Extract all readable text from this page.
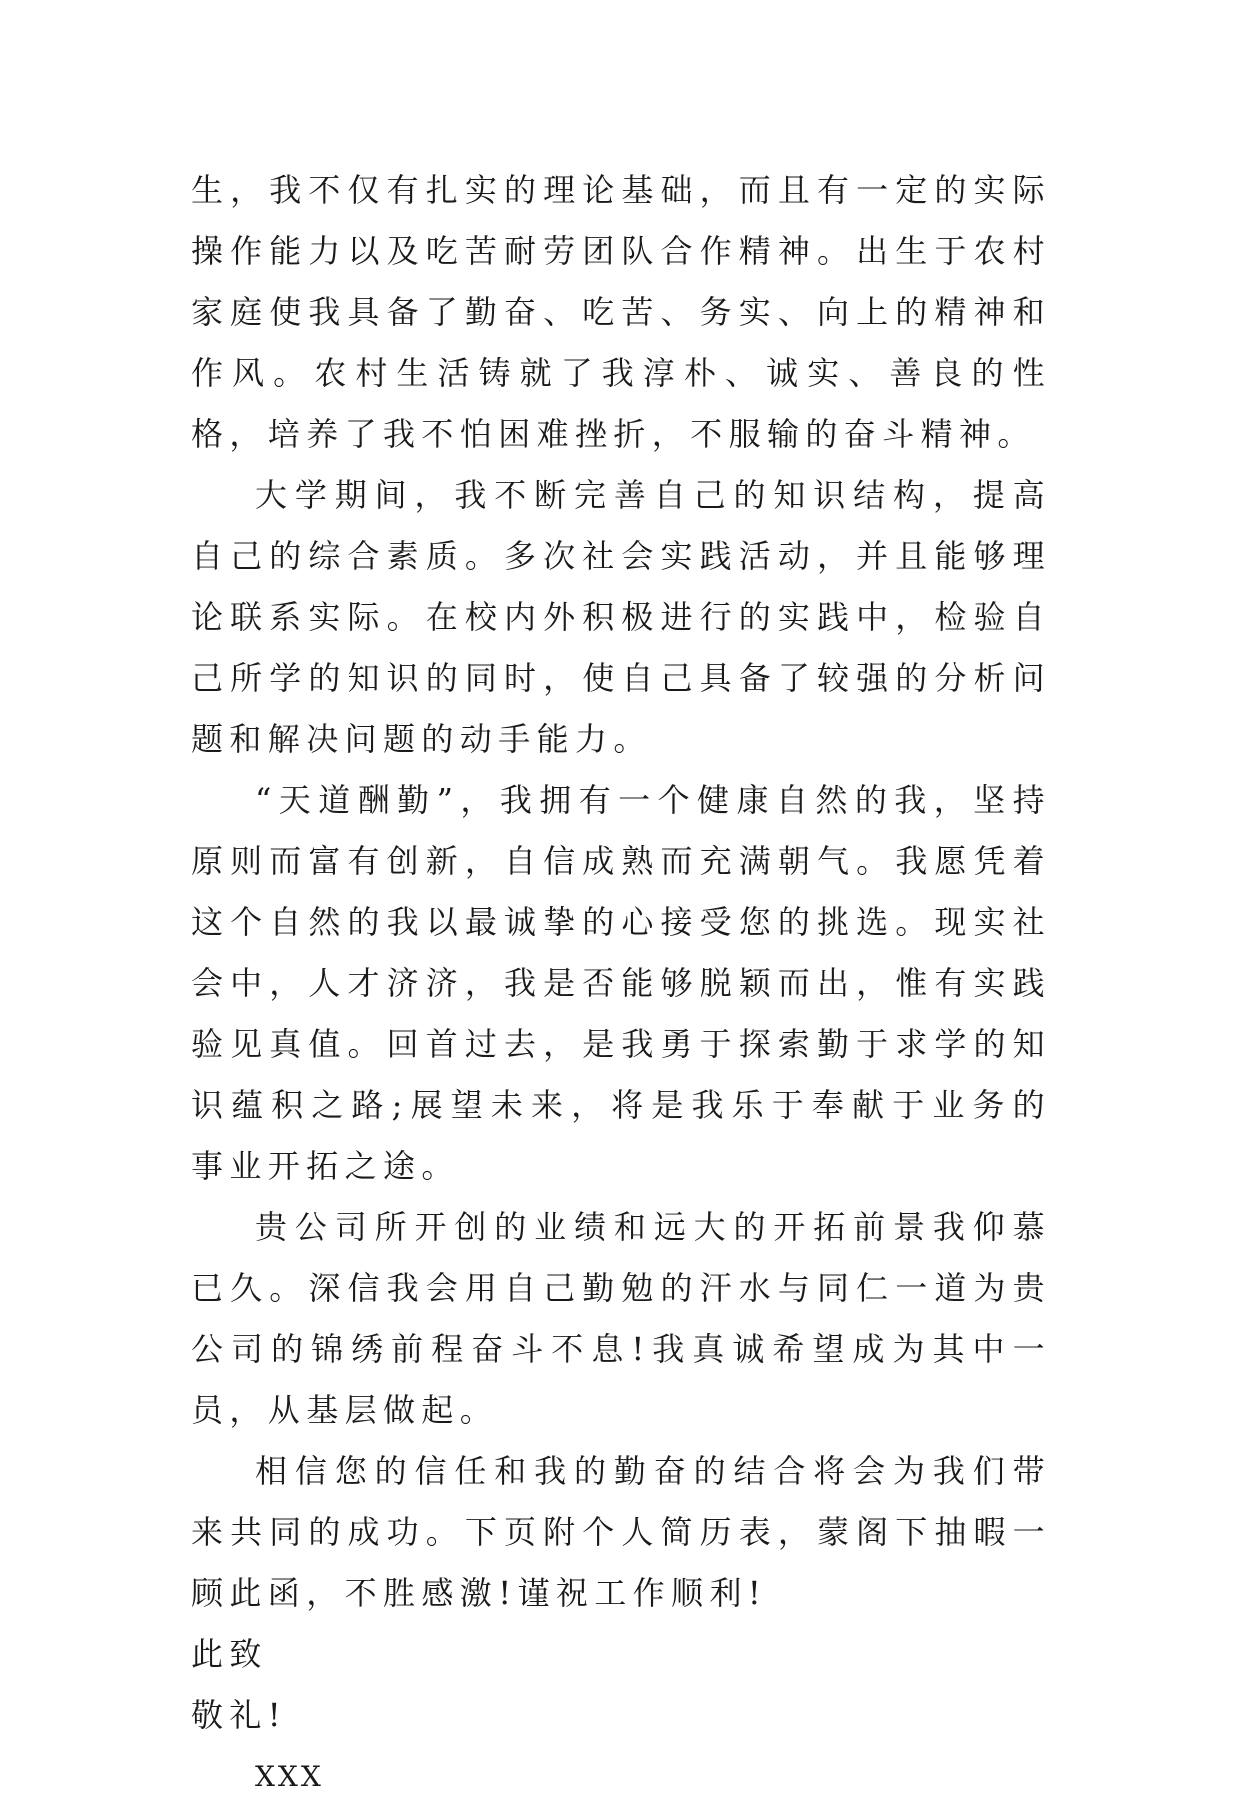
生，我不仅有扎实的理论基础，而且有一定的实际操作能力以及吃苦耐劳团队合作精神。出生于农村家庭使我具备了勤奋、吃苦、务实、向上的精神和作风。农村生活铸就了我淳朴、诚实、善良的性格，培养了我不怕困难挫折，不服输的奋斗精神。

大学期间，我不断完善自己的知识结构，提高自己的综合素质。多次社会实践活动，并且能够理论联系实际。在校内外积极进行的实践中，检验自己所学的知识的同时，使自己具备了较强的分析问题和解决问题的动手能力。

“天道酬勤”，我拥有一个健康自然的我，坚持原则而富有创新，自信成熟而充满朝气。我愿凭着这个自然的我以最诚挚的心接受您的挑选。现实社会中，人才济济，我是否能够脱颖而出，惟有实践验见真值。回首过去，是我勇于探索勤于求学的知识蕴积之路;展望未来，将是我乐于奉献于业务的事业开拓之途。

贵公司所开创的业绩和远大的开拓前景我仰慕已久。深信我会用自己勤勉的汗水与同仁一道为贵公司的锦绣前程奋斗不息!我真诚希望成为其中一员，从基层做起。

相信您的信任和我的勤奋的结合将会为我们带来共同的成功。下页附个人简历表，蒙阁下抽暇一顾此函，不胜感激!谨祝工作顺利!

此致

敬礼!

XXX
